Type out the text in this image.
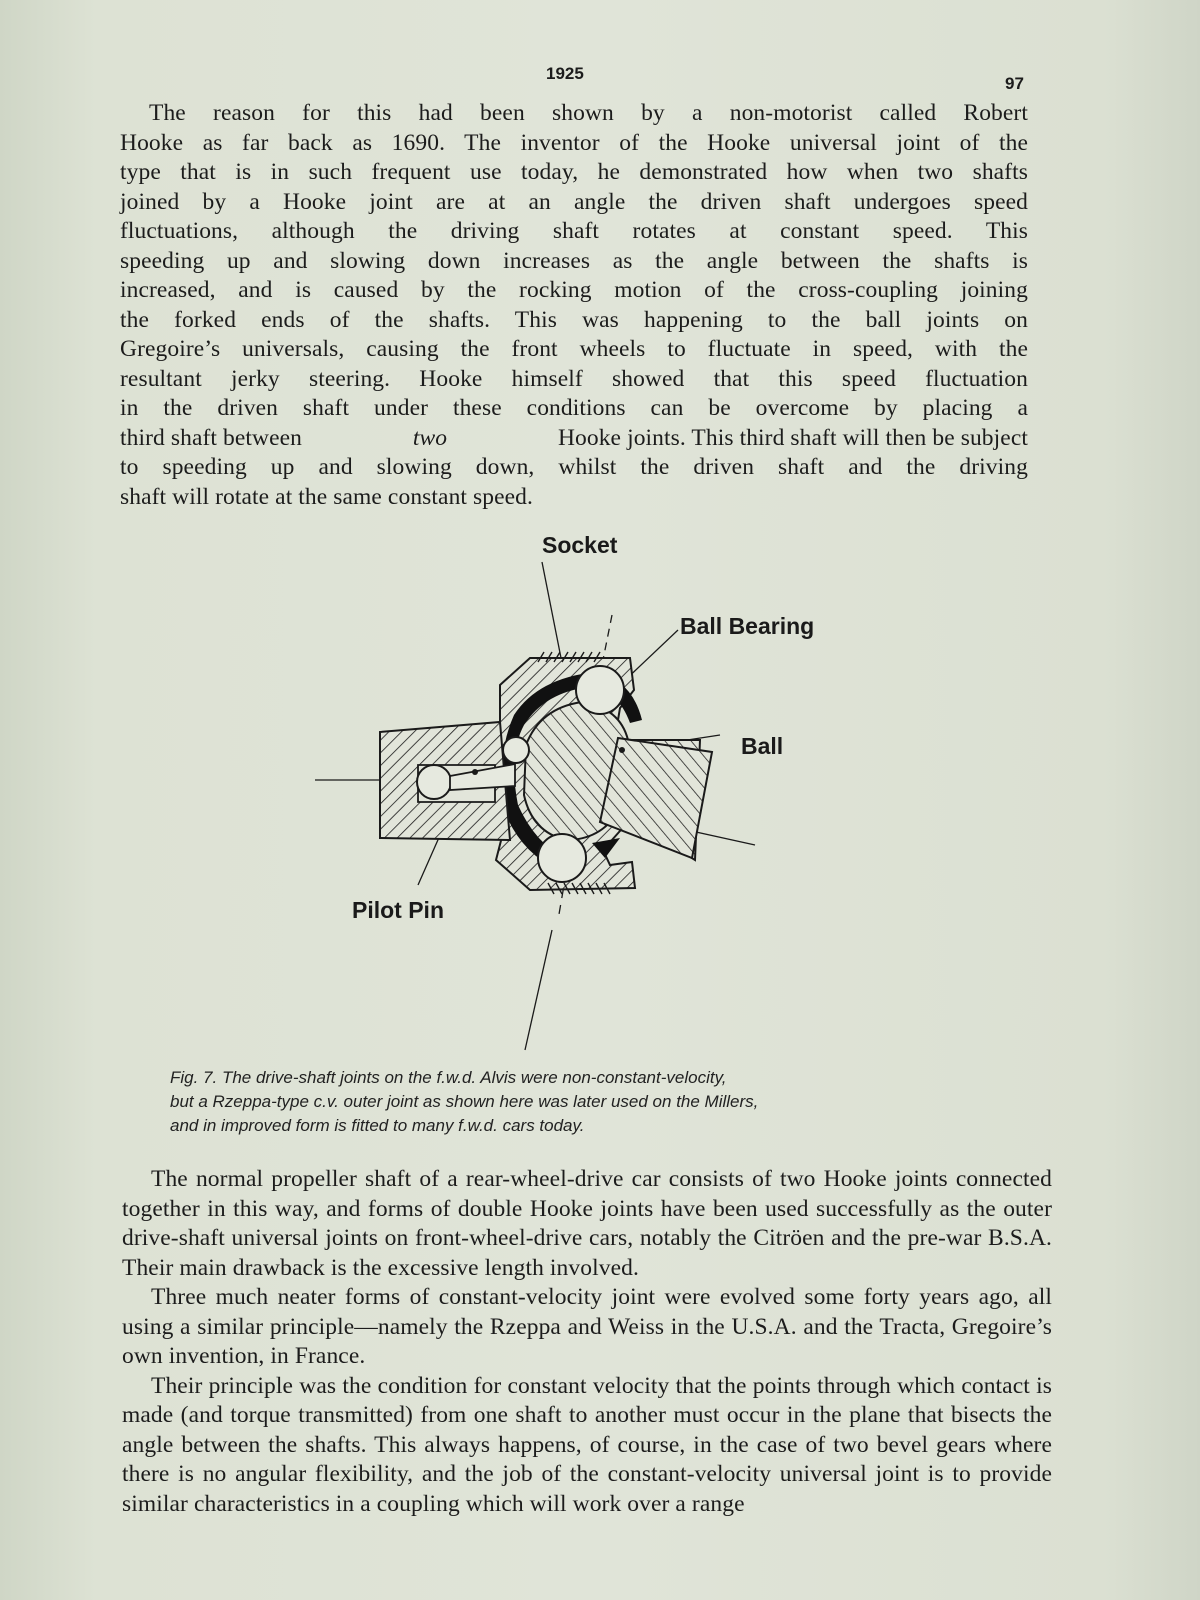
1925
97
The reason for this had been shown by a non-motorist called Robert
Hooke as far back as 1690. The inventor of the Hooke universal joint of the
type that is in such frequent use today, he demonstrated how when two shafts
joined by a Hooke joint are at an angle the driven shaft undergoes speed
fluctuations, although the driving shaft rotates at constant speed. This
speeding up and slowing down increases as the angle between the shafts is
increased, and is caused by the rocking motion of the cross-coupling joining
the forked ends of the shafts. This was happening to the ball joints on
Gregoire’s universals, causing the front wheels to fluctuate in speed, with the
resultant jerky steering. Hooke himself showed that this speed fluctuation
in the driven shaft under these conditions can be overcome by placing a
third shaft between	two	Hooke joints. This third shaft will then be subject
to speeding up and slowing down, whilst the driven shaft and the driving
shaft will rotate at the same constant speed.
Socket
Ball Bearing
Ball
Pilot Pin
Fig. 7. The drive-shaft joints on the f.w.d. Alvis were non-constant-velocity,
but a Rzeppa-type c.v. outer joint as shown here was later used on the Millers,
and in improved form is fitted to many f.w.d. cars today.

The normal propeller shaft of a rear-wheel-drive car consists of two Hooke joints connected together in this way, and forms of double Hooke joints have been used successfully as the outer drive-shaft universal joints on front-wheel-drive cars, notably the Citröen and the pre-war B.S.A. Their main drawback is the excessive length involved.

Three much neater forms of constant-velocity joint were evolved some forty years ago, all using a similar principle—namely the Rzeppa and Weiss in the U.S.A. and the Tracta, Gregoire’s own invention, in France.

Their principle was the condition for constant velocity that the points through which contact is made (and torque transmitted) from one shaft to another must occur in the plane that bisects the angle between the shafts. This always happens, of course, in the case of two bevel gears where there is no angular flexibility, and the job of the constant-velocity universal joint is to provide similar characteristics in a coupling which will work over a range
